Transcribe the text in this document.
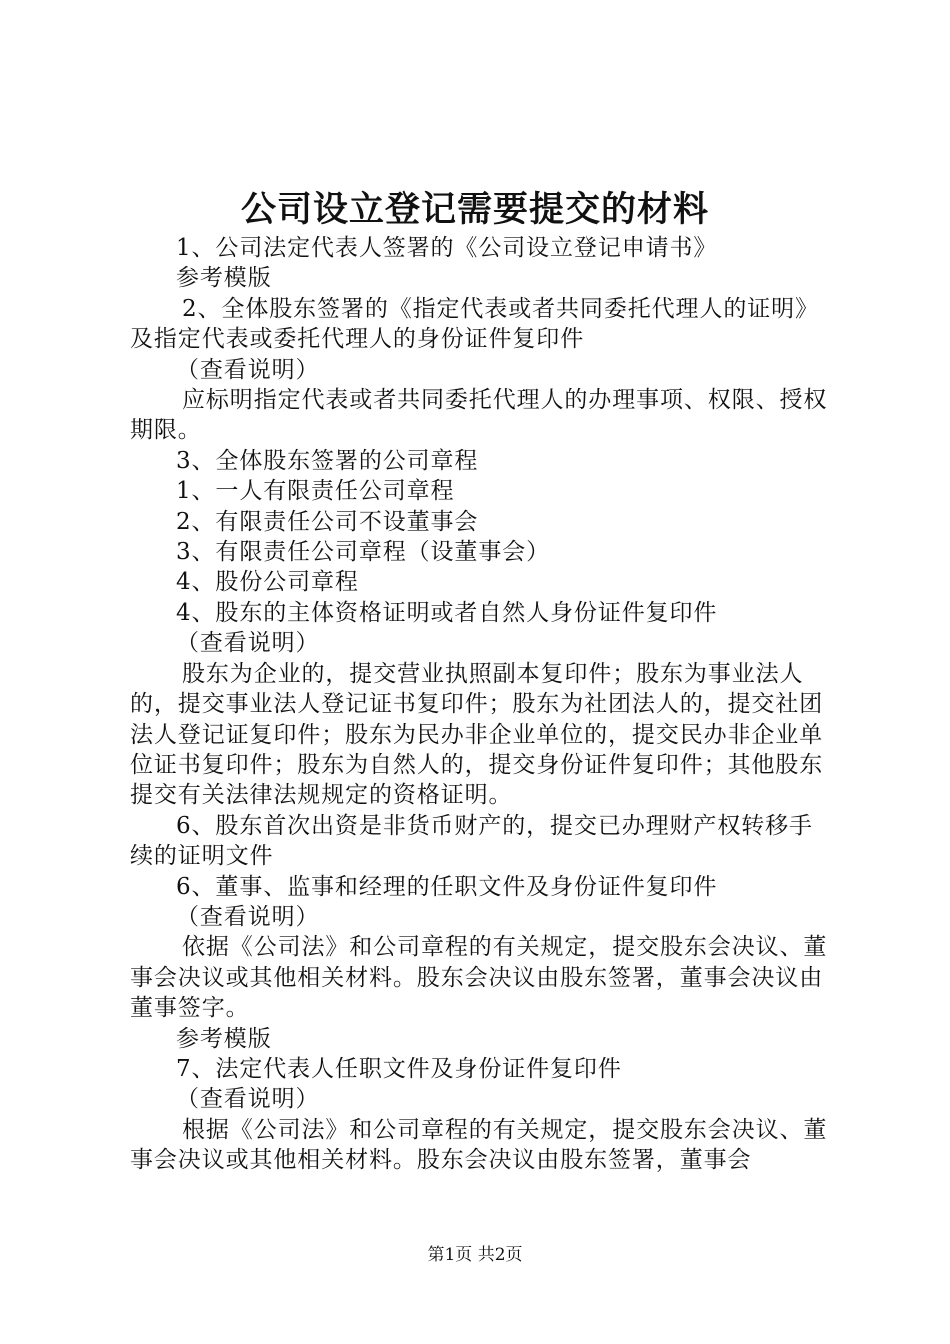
公司设立登记需要提交的材料

1、公司法定代表人签署的《公司设立登记申请书》

参考模版

2、全体股东签署的《指定代表或者共同委托代理人的证明》及指定代表或委托代理人的身份证件复印件

（查看说明）

应标明指定代表或者共同委托代理人的办理事项、权限、授权期限。

3、全体股东签署的公司章程

1、一人有限责任公司章程

2、有限责任公司不设董事会

3、有限责任公司章程（设董事会）

4、股份公司章程

4、股东的主体资格证明或者自然人身份证件复印件

（查看说明）

股东为企业的，提交营业执照副本复印件；股东为事业法人的，提交事业法人登记证书复印件；股东为社团法人的，提交社团法人登记证复印件；股东为民办非企业单位的，提交民办非企业单位证书复印件；股东为自然人的，提交身份证件复印件；其他股东提交有关法律法规规定的资格证明。

6、股东首次出资是非货币财产的，提交已办理财产权转移手续的证明文件

6、董事、监事和经理的任职文件及身份证件复印件

（查看说明）

依据《公司法》和公司章程的有关规定，提交股东会决议、董事会决议或其他相关材料。股东会决议由股东签署，董事会决议由董事签字。

参考模版

7、法定代表人任职文件及身份证件复印件

（查看说明）

根据《公司法》和公司章程的有关规定，提交股东会决议、董事会决议或其他相关材料。股东会决议由股东签署，董事会

第1页 共2页
